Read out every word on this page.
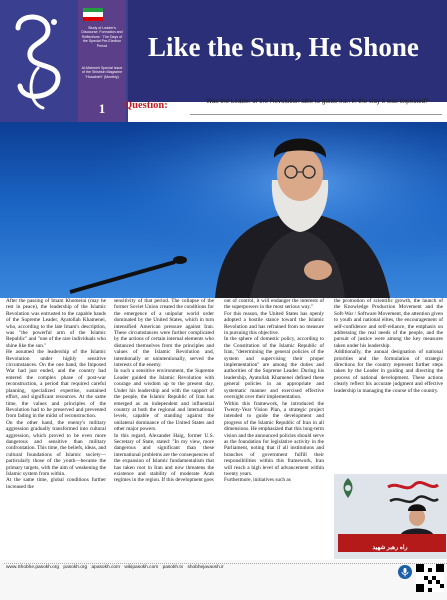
Study of Leader's Discourse: Formation and Reflections · The Days of the Special Pre-Election Period
Al-Mahmeh Special Issue of the Shishkin Magazine "Husaineh" (Monthly)
1
Like the Sun, He Shone
Question:	Was the Leader of the Revolution able to guide Iran in the way it was expected?

After the passing of Imam Khomeini (may he rest in peace), the leadership of the Islamic Revolution was entrusted to the capable hands of the Supreme Leader, Ayatollah Khamenei, who, according to the late Imam's description, was "the powerful arm of the Islamic Republic" and "one of the rare individuals who shine like the sun."

He assumed the leadership of the Islamic Revolution under highly sensitive circumstances. On the one hand, the Imposed War had just ended, and the country had entered the complex phase of post-war reconstruction, a period that required careful planning, specialized expertise, sustained effort, and significant resources. At the same time, the values and principles of the Revolution had to be preserved and prevented from fading in the midst of reconstruction.

On the other hand, the enemy's military aggression gradually transformed into cultural aggression, which proved to be even more dangerous and sensitive than military confrontation. This time, the beliefs, ideas, and cultural foundations of Islamic society—particularly those of the youth—became the primary targets, with the aim of weakening the Islamic system from within.

At the same time, global conditions further increased the

sensitivity of that period. The collapse of the former Soviet Union created the conditions for the emergence of a unipolar world order dominated by the United States, which in turn intensified American pressure against Iran. These circumstances were further complicated by the actions of certain internal elements who distanced themselves from the principles and values of the Islamic Revolution and, intentionally or unintentionally, served the interests of the enemy.

In such a sensitive environment, the Supreme Leader guided the Islamic Revolution with courage and wisdom up to the present day. Under his leadership and with the support of the people, the Islamic Republic of Iran has emerged as an independent and influential country at both the regional and international levels, capable of standing against the unilateral dominance of the United States and other major powers.

In this regard, Alexander Haig, former U.S. Secretary of State, stated: "In my view, more dangerous and significant than these international problems are the consequences of the expansion of Islamic fundamentalism that has taken root in Iran and now threatens the existence and stability of moderate Arab regimes in the region. If this development goes

out of control, it will endanger the interests of the superpowers in the most serious way."

For this reason, the United States has openly adopted a hostile stance toward the Islamic Revolution and has refrained from no measure in pursuing this objective.

In the sphere of domestic policy, according to the Constitution of the Islamic Republic of Iran, "determining the general policies of the system and supervising their proper implementation" are among the duties and authorities of the Supreme Leader. During his leadership, Ayatollah Khamenei defined these general policies in an appropriate and systematic manner and exercised effective oversight over their implementation.

Within this framework, he introduced the Twenty-Year Vision Plan, a strategic project intended to guide the development and progress of the Islamic Republic of Iran in all dimensions. He emphasized that this long-term vision and the announced policies should serve as the foundation for legislative activity in the Parliament, noting that if all institutions and branches of government fulfill their responsibilities within this framework, Iran will reach a high level of advancement within twenty years.

Furthermore, initiatives such as

the promotion of scientific growth, the launch of the Knowledge Production Movement and the Soft-War / Software Movement, the attention given to youth and national elites, the encouragement of self-confidence and self-reliance, the emphasis on addressing the real needs of the people, and the pursuit of justice were among the key measures taken under his leadership.

Additionally, the annual designation of national priorities and the formulation of strategic directions for the country represent further steps taken by the Leader in guiding and directing the process of national development. These actions clearly reflect his accurate judgment and effective leadership in managing the course of the country.

راه رهبر شهید
www.Shobhe.pasokh.org pasokh.org apasokh.com wikipasokh.com pasokh.tv shobhejavaosh.ir
